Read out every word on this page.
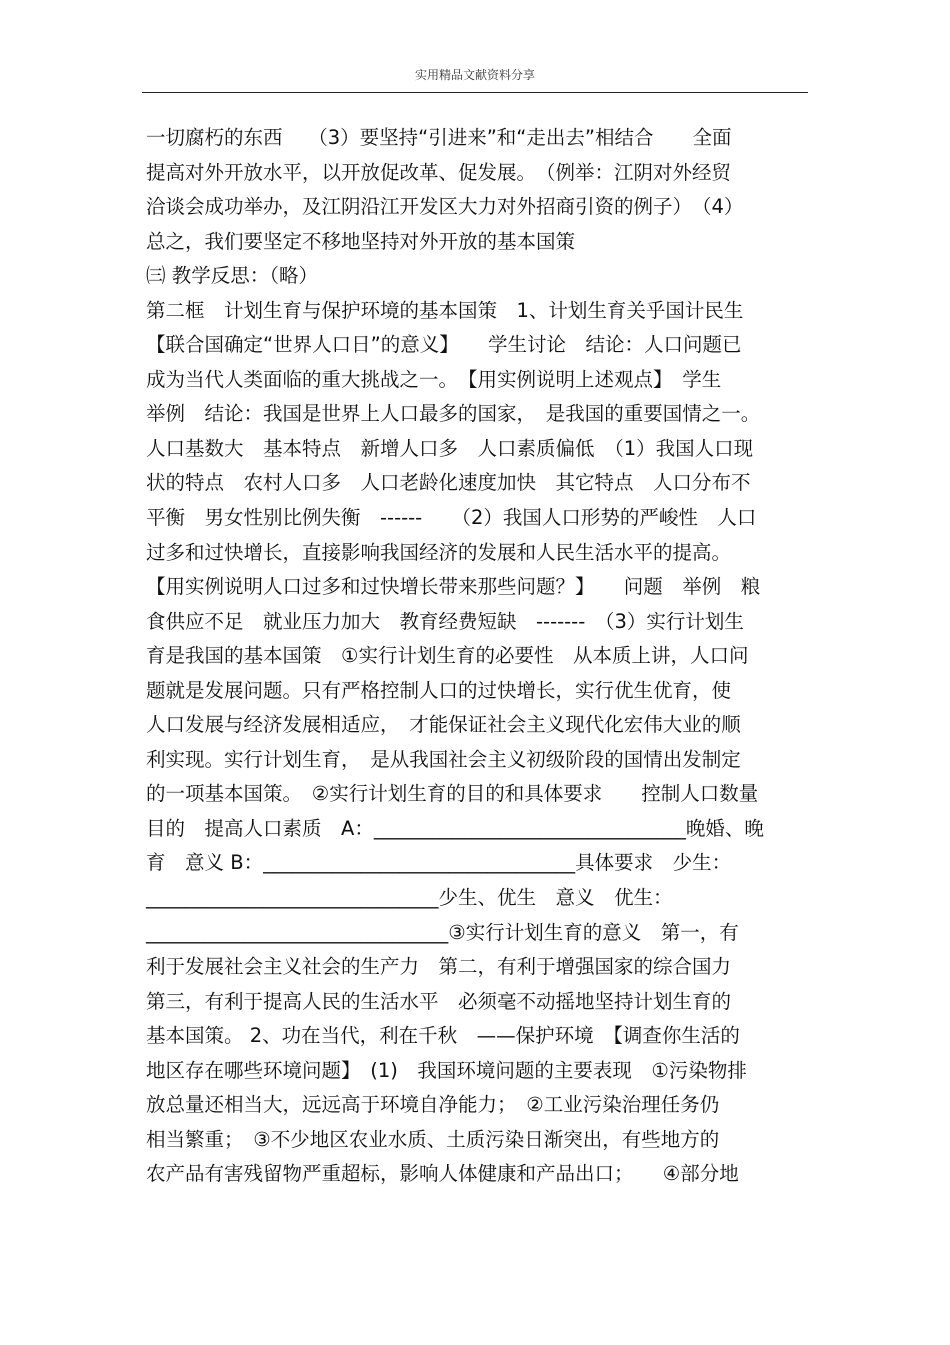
实用精品文献资料分享
一切腐朽的东西　 （3）要坚持“引进来”和“走出去”相结合　　全面
提高对外开放水平，以开放促改革、促发展。　（例举：江阴对外经贸
洽谈会成功举办，及江阴沿江开发区大力对外招商引资的例子）　（4）
总之，我们要坚定不移地坚持对外开放的基本国策
㈢ 教学反思：（略）
第二框　计划生育与保护环境的基本国策　1、计划生育关乎国计民生
【联合国确定“世界人口日”的意义】　　学生讨论　结论：人口问题已
成为当代人类面临的重大挑战之一。　【用实例说明上述观点】　学生
举例　结论：我国是世界上人口最多的国家，　是我国的重要国情之一。
人口基数大　基本特点　新增人口多　人口素质偏低　（1）我国人口现
状的特点　农村人口多　人口老龄化速度加快　其它特点　人口分布不
平衡　男女性别比例失衡　------　　（2）我国人口形势的严峻性　人口
过多和过快增长，直接影响我国经济的发展和人民生活水平的提高。
【用实例说明人口过多和过快增长带来那些问题？】　　问题　举例　粮
食供应不足　就业压力加大　教育经费短缺　-------　（3）实行计划生
育是我国的基本国策　①实行计划生育的必要性　从本质上讲，人口问
题就是发展问题。只有严格控制人口的过快增长，实行优生优育，使
人口发展与经济发展相适应，　才能保证社会主义现代化宏伟大业的顺
利实现。实行计划生育，　是从我国社会主义初级阶段的国情出发制定
的一项基本国策。　②实行计划生育的目的和具体要求　　控制人口数量
目的　提高人口素质　A：________________________________晚婚、晚
育　意义 B：________________________________具体要求　少生：
______________________________少生、优生　意义　优生：
_______________________________③实行计划生育的意义　第一，有
利于发展社会主义社会的生产力　第二，有利于增强国家的综合国力
第三，有利于提高人民的生活水平　必须毫不动摇地坚持计划生育的
基本国策。 2、功在当代，利在千秋　——保护环境　【调查你生活的
地区存在哪些环境问题】　(1)　我国环境问题的主要表现　①污染物排
放总量还相当大，远远高于环境自净能力；　②工业污染治理任务仍
相当繁重；　③不少地区农业水质、土质污染日渐突出，有些地方的
农产品有害残留物严重超标，影响人体健康和产品出口；　　④部分地
